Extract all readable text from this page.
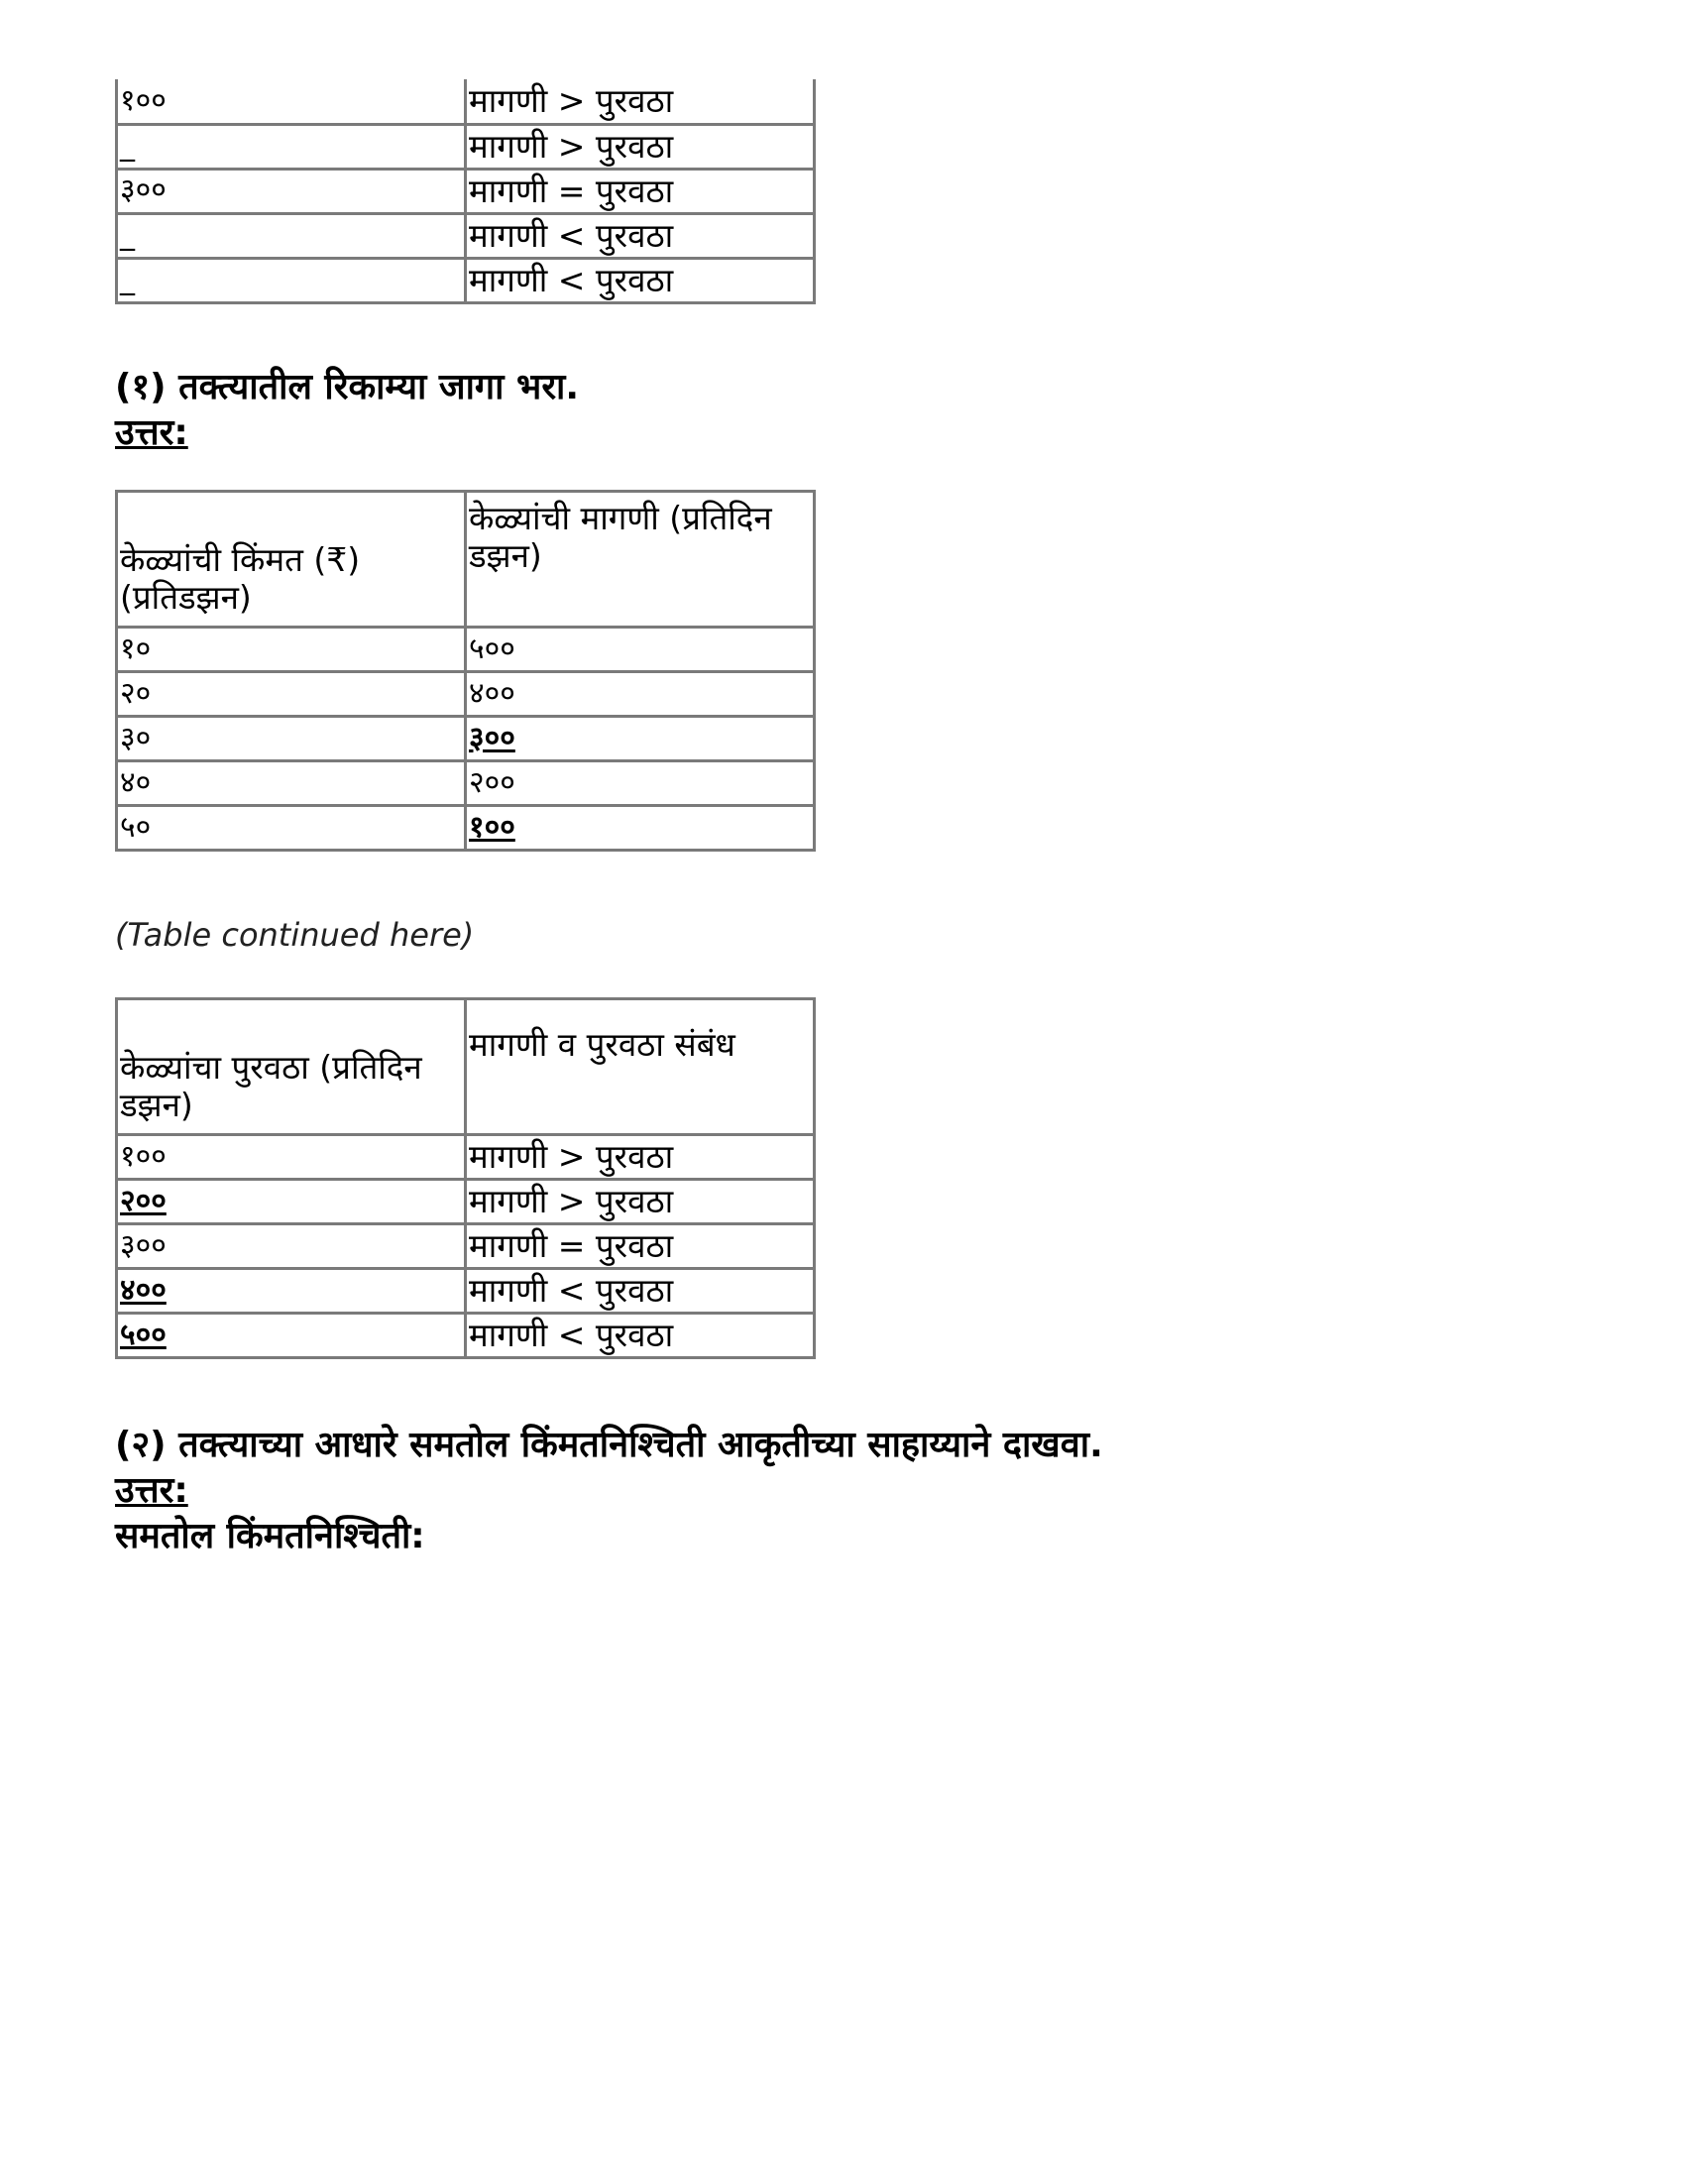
१००	मागणी > पुरवठा
_	मागणी > पुरवठा
३००	मागणी = पुरवठा
_	मागणी < पुरवठा
_	मागणी < पुरवठा

(१) तक्त्यातील रिकाम्या जागा भरा.

उत्तर:

केळ्यांची किंमत (₹) (प्रतिडझन)	केळ्यांची मागणी (प्रतिदिन डझन)

१०	५००
२०	४००
३०	३००
४०	२००
५०	१००

(Table continued here)

केळ्यांचा पुरवठा (प्रतिदिन डझन)	मागणी व पुरवठा संबंध

१००	मागणी > पुरवठा
२००	मागणी > पुरवठा
३००	मागणी = पुरवठा
४००	मागणी < पुरवठा
५००	मागणी < पुरवठा

(२) तक्त्याच्या आधारे समतोल किंमतनिश्चिती आकृतीच्या साहाय्याने दाखवा.

उत्तर:

समतोल किंमतनिश्चिती:
